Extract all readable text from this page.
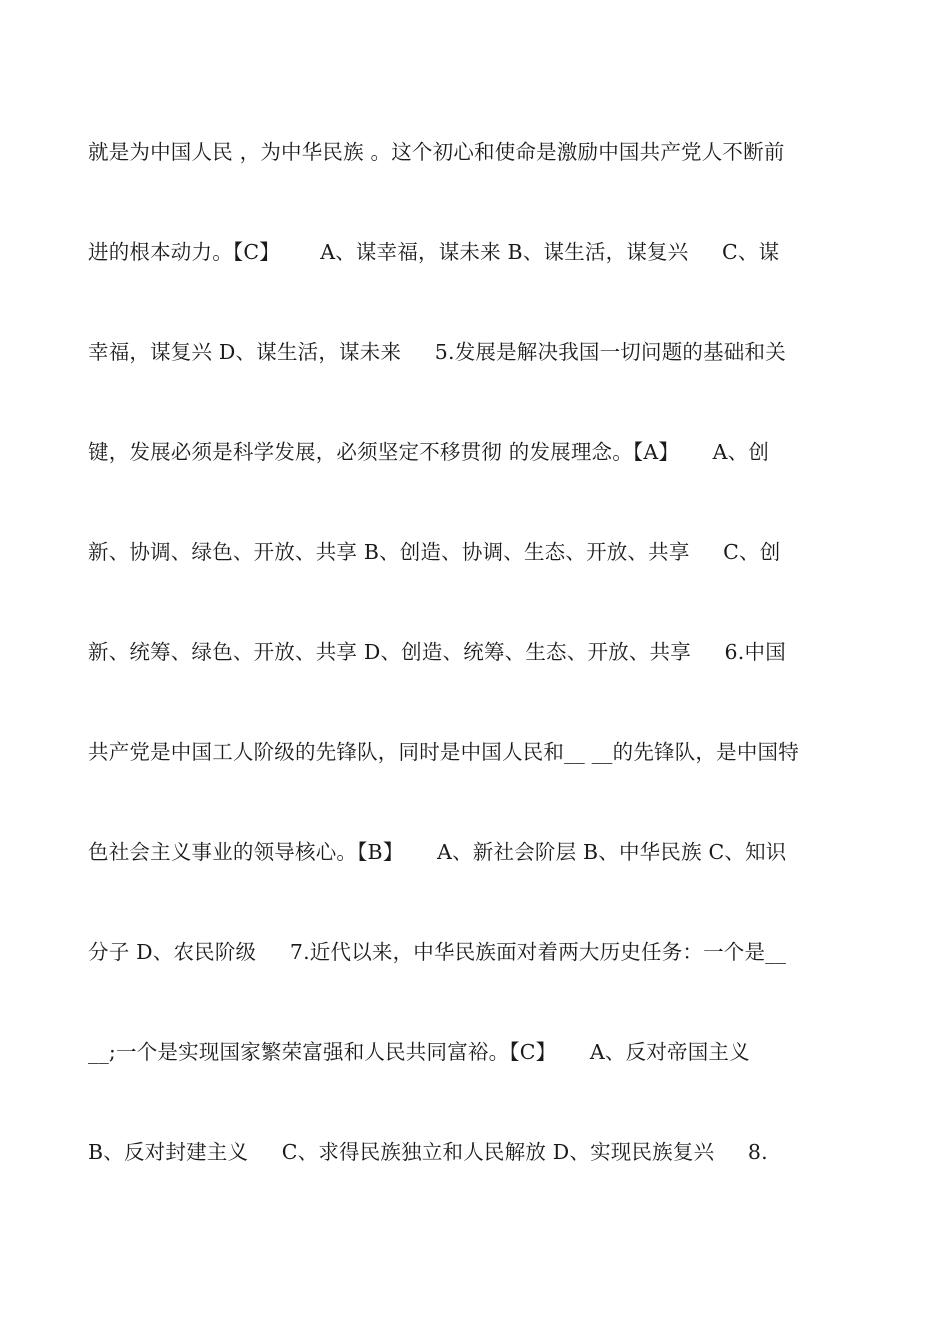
就是为中国人民 ，为中华民族 。这个初心和使命是激励中国共产党人不断前
进的根本动力。【C】      A、谋幸福，谋未来 B、谋生活，谋复兴     C、谋
幸福，谋复兴 D、谋生活，谋未来     5.发展是解决我国一切问题的基础和关
键，发展必须是科学发展，必须坚定不移贯彻 的发展理念。【A】     A、创
新、协调、绿色、开放、共享 B、创造、协调、生态、开放、共享     C、创
新、统筹、绿色、开放、共享 D、创造、统筹、生态、开放、共享     6.中国
共产党是中国工人阶级的先锋队，同时是中国人民和__ __的先锋队，是中国特
色社会主义事业的领导核心。【B】     A、新社会阶层 B、中华民族 C、知识
分子 D、农民阶级     7.近代以来，中华民族面对着两大历史任务：一个是__
__;一个是实现国家繁荣富强和人民共同富裕。【C】     A、反对帝国主义
B、反对封建主义     C、求得民族独立和人民解放 D、实现民族复兴     8.
